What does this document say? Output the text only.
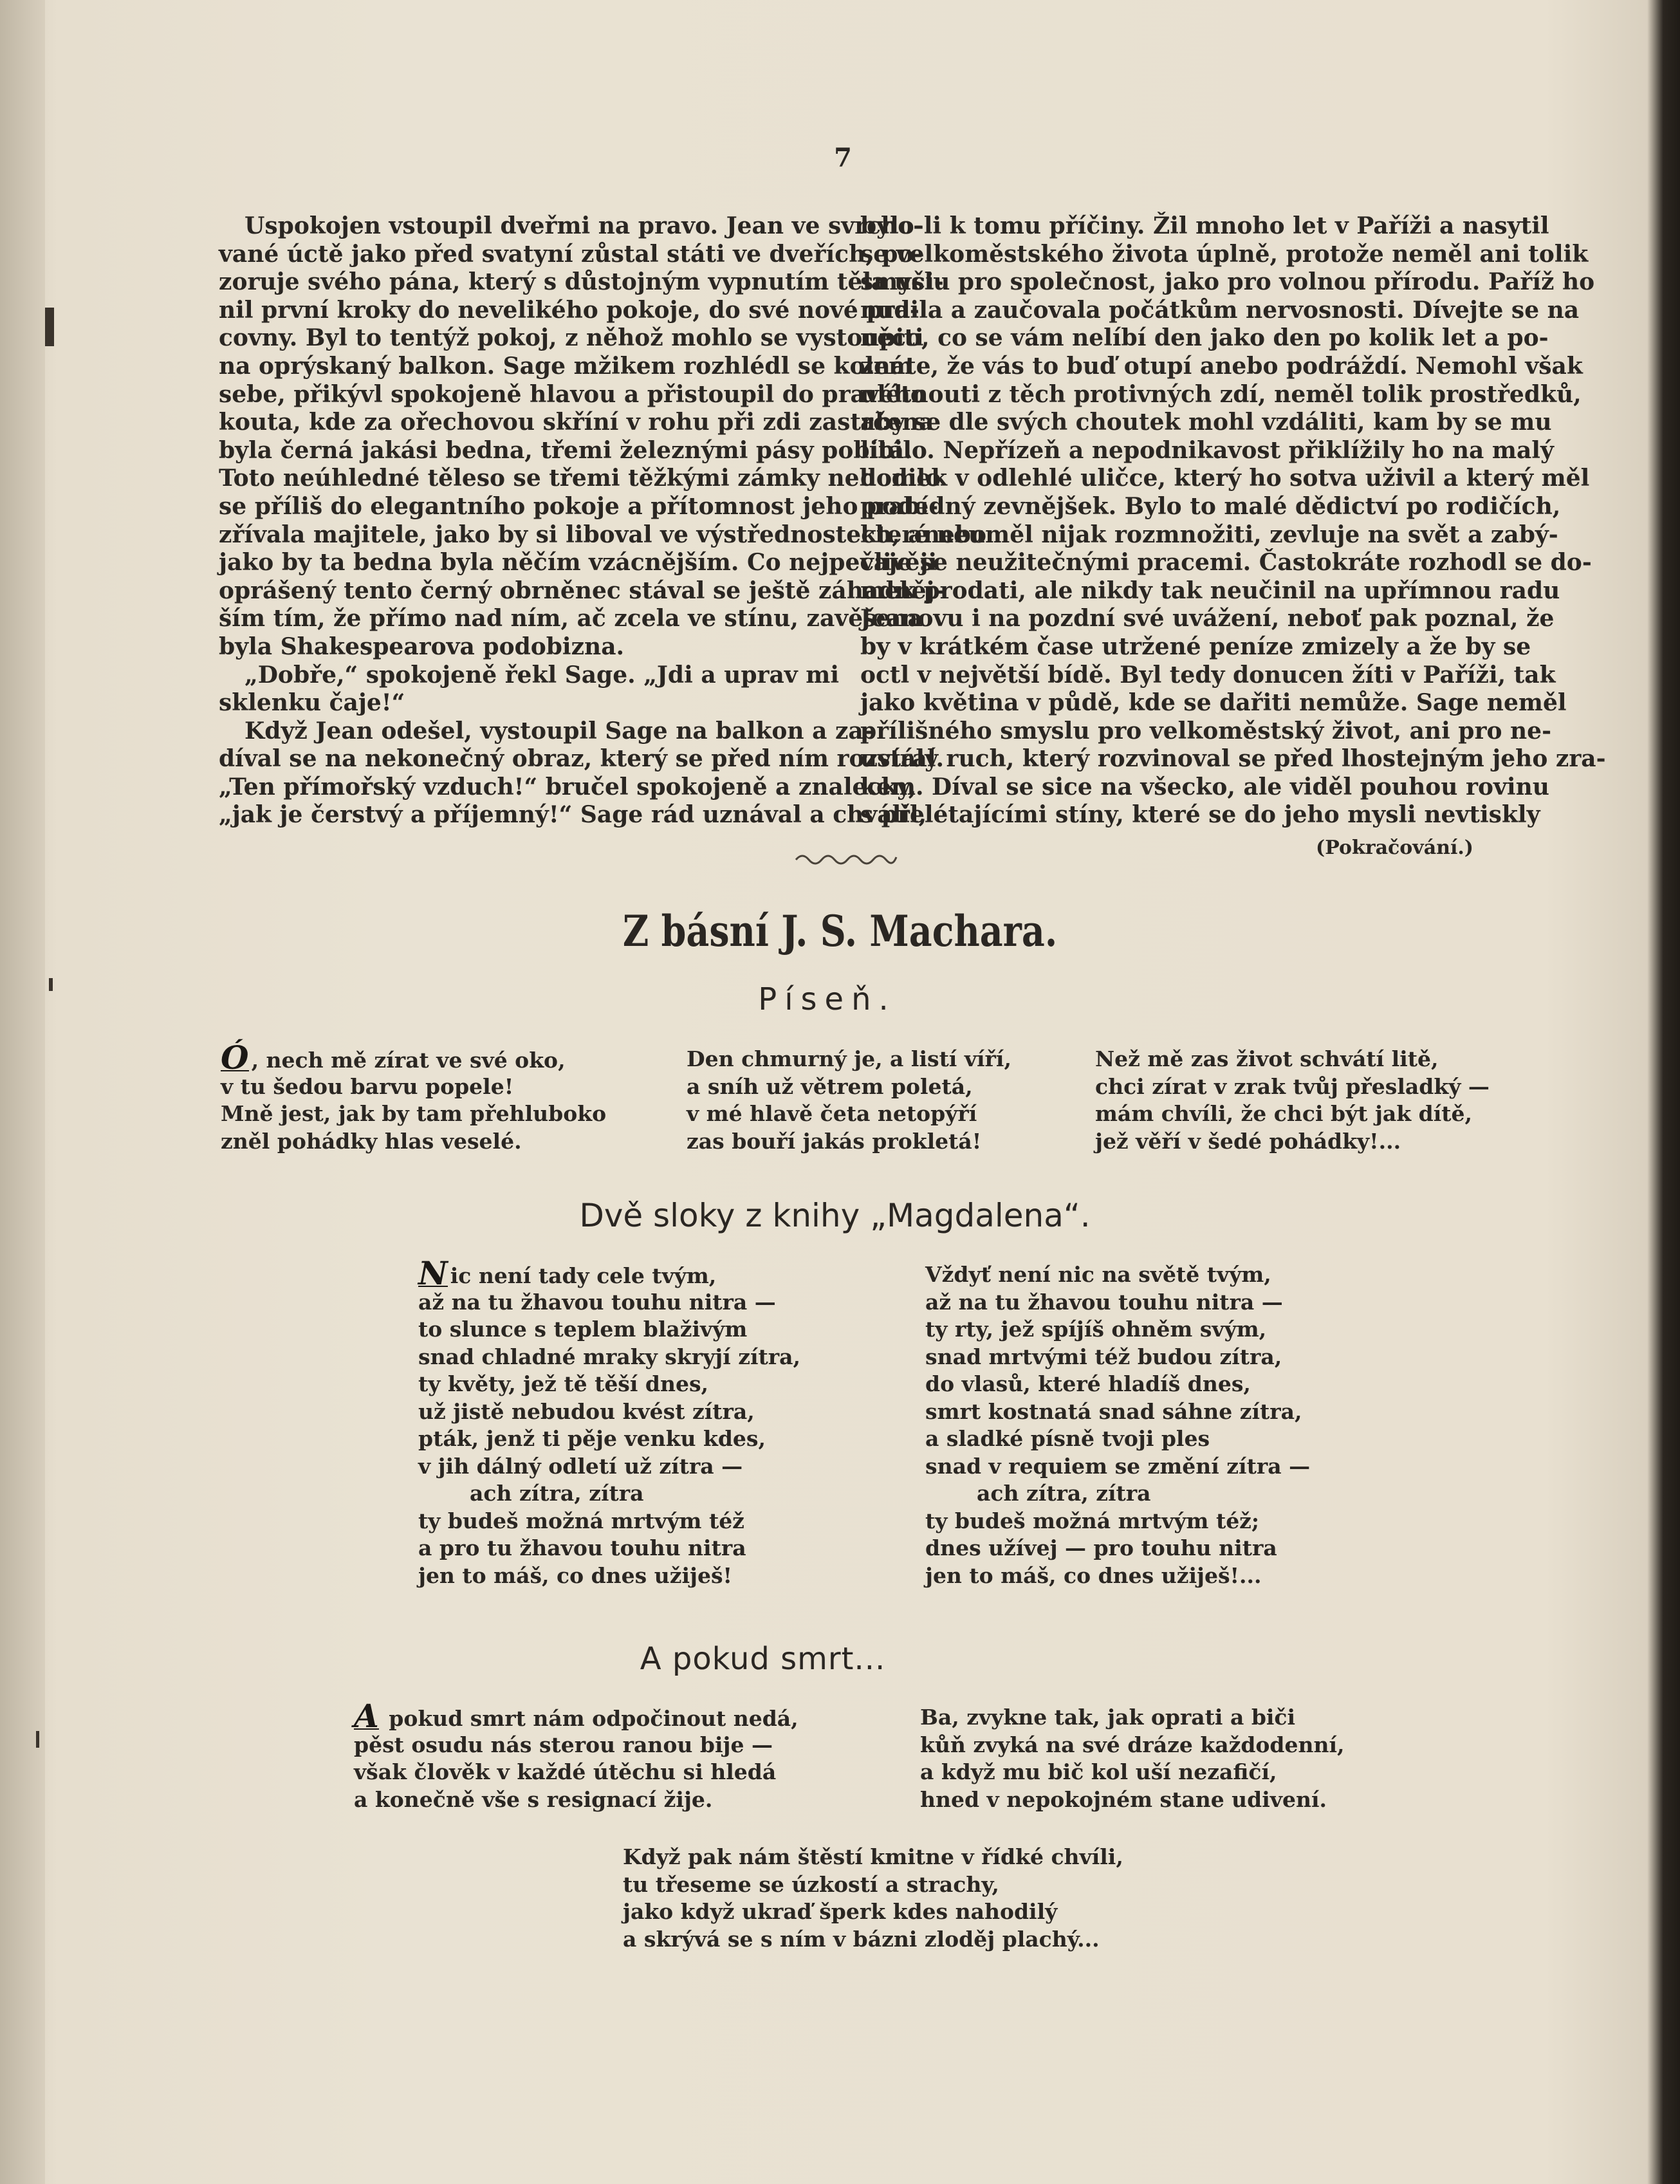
7
Uspokojen vstoupil dveřmi na pravo. Jean ve svrcho-
vané úctě jako před svatyní zůstal státi ve dveřích, po-
zoruje svého pána, který s důstojným vypnutím těla uči-
nil první kroky do nevelikého pokoje, do své nové pra-
covny. Byl to tentýž pokoj, z něhož mohlo se vystoupiti
na oprýskaný balkon. Sage mžikem rozhlédl se kolem
sebe, přikývl spokojeně hlavou a přistoupil do pravého
kouta, kde za ořechovou skříní v rohu při zdi zastrčena
byla černá jakási bedna, třemi železnými pásy pobitá.
Toto neúhledné těleso se třemi těžkými zámky nehodilo
se příliš do elegantního pokoje a přítomnost jeho pode-
zřívala majitele, jako by si liboval ve výstřednostech, anebo
jako by ta bedna byla něčím vzácnějším. Co nejpečlivěji
oprášený tento černý obrněnec stával se ještě záhadněj-
ším tím, že přímo nad ním, ač zcela ve stínu, zavěšena
byla Shakespearova podobizna.
„Dobře,“ spokojeně řekl Sage. „Jdi a uprav mi
sklenku čaje!“
Když Jean odešel, vystoupil Sage na balkon a za-
díval se na nekonečný obraz, který se před ním rozvíral.
„Ten přímořský vzduch!“ bručel spokojeně a znalecky,
„jak je čerstvý a příjemný!“ Sage rád uznával a chválil,
bylo-li k tomu příčiny. Žil mnoho let v Paříži a nasytil
se velkoměstského života úplně, protože neměl ani tolik
smyslu pro společnost, jako pro volnou přírodu. Paříž ho
nudila a zaučovala počátkům nervosnosti. Dívejte se na
něco, co se vám nelíbí den jako den po kolik let a po-
znáte, že vás to buď otupí anebo podráždí. Nemohl však
ulétnouti z těch protivných zdí, neměl tolik prostředků,
aby se dle svých choutek mohl vzdáliti, kam by se mu
líbilo. Nepřízeň a nepodnikavost přiklížily ho na malý
domek v odlehlé uličce, který ho sotva uživil a který měl
prabídný zevnějšek. Bylo to malé dědictví po rodičích,
které neuměl nijak rozmnožiti, zevluje na svět a zabý-
vaje se neužitečnými pracemi. Častokráte rozhodl se do-
mek prodati, ale nikdy tak neučinil na upřímnou radu
Jeanovu i na pozdní své uvážení, neboť pak poznal, že
by v krátkém čase utržené peníze zmizely a že by se
octl v největší bídě. Byl tedy donucen žíti v Paříži, tak
jako květina v půdě, kde se dařiti nemůže. Sage neměl
přílišného smyslu pro velkoměstský život, ani pro ne-
ustálý ruch, který rozvinoval se před lhostejným jeho zra-
kem. Díval se sice na všecko, ale viděl pouhou rovinu
s přelétajícími stíny, které se do jeho mysli nevtiskly
(Pokračování.)
Z básní J. S. Machara.
Píseň.
Ó , nech mě zírat ve své oko,
v tu šedou barvu popele!
Mně jest, jak by tam přehluboko
zněl pohádky hlas veselé.
Den chmurný je, a listí víří,
a sníh už větrem poletá,
v mé hlavě četa netopýří
zas bouří jakás prokletá!
Než mě zas život schvátí litě,
chci zírat v zrak tvůj přesladký —
mám chvíli, že chci být jak dítě,
jež věří v šedé pohádky!...
Dvě sloky z knihy „Magdalena“.
N ic není tady cele tvým,
až na tu žhavou touhu nitra —
to slunce s teplem blaživým
snad chladné mraky skryjí zítra,
ty květy, jež tě těší dnes,
už jistě nebudou kvést zítra,
pták, jenž ti pěje venku kdes,
v jih dálný odletí už zítra —
ach zítra, zítra
ty budeš možná mrtvým též
a pro tu žhavou touhu nitra
jen to máš, co dnes užiješ!
Vždyť není nic na světě tvým,
až na tu žhavou touhu nitra —
ty rty, jež spíjíš ohněm svým,
snad mrtvými též budou zítra,
do vlasů, které hladíš dnes,
smrt kostnatá snad sáhne zítra,
a sladké písně tvoji ples
snad v requiem se změní zítra —
ach zítra, zítra
ty budeš možná mrtvým též;
dnes užívej — pro touhu nitra
jen to máš, co dnes užiješ!...
A pokud smrt...
A pokud smrt nám odpočinout nedá,
pěst osudu nás sterou ranou bije —
však člověk v každé útěchu si hledá
a konečně vše s resignací žije.
Ba, zvykne tak, jak oprati a biči
kůň zvyká na své dráze každodenní,
a když mu bič kol uší nezafičí,
hned v nepokojném stane udivení.
Když pak nám štěstí kmitne v řídké chvíli,
tu třeseme se úzkostí a strachy,
jako když ukraď šperk kdes nahodilý
a skrývá se s ním v bázni zloděj plachý...
